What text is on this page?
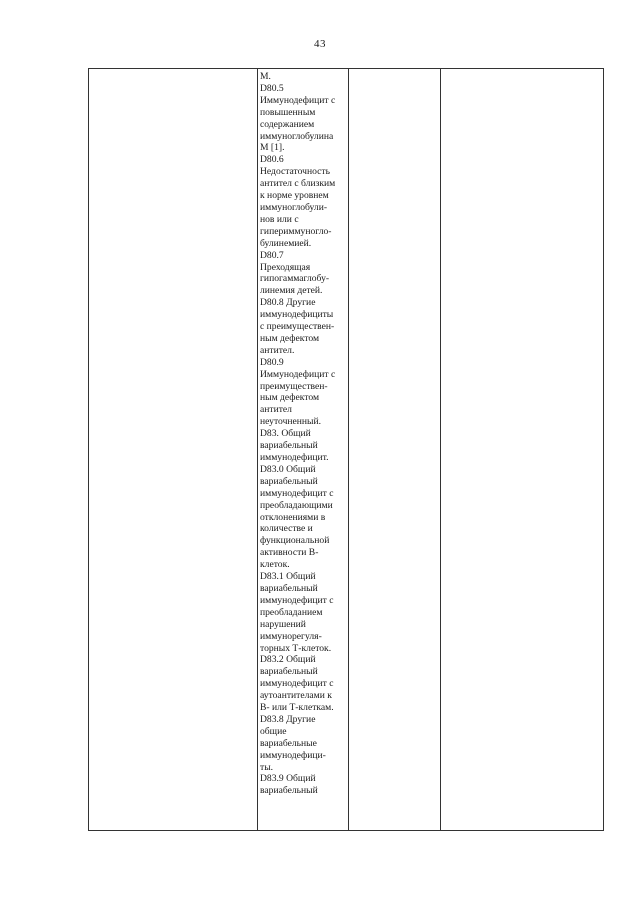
43

М.
D80.5
Иммунодефицит с
повышенным
содержанием
иммуноглобулина
M [1].
D80.6
Недостаточность
антител с близким
к норме уровнем
иммуноглобули-
нов или с
гипериммуногло-
булинемией.
D80.7
Преходящая
гипогаммаглобу-
линемия детей.
D80.8 Другие
иммунодефициты
с преимуществен-
ным дефектом
антител.
D80.9
Иммунодефицит с
преимуществен-
ным дефектом
антител
неуточненный.
D83. Общий
вариабельный
иммунодефицит.
D83.0 Общий
вариабельный
иммунодефицит с
преобладающими
отклонениями в
количестве и
функциональной
активности В-
клеток.
D83.1 Общий
вариабельный
иммунодефицит с
преобладанием
нарушений
иммунорегуля-
торных Т-клеток.
D83.2 Общий
вариабельный
иммунодефицит с
аутоантителами к
В- или Т-клеткам.
D83.8 Другие
общие
вариабельные
иммунодефици-
ты.
D83.9 Общий
вариабельный
